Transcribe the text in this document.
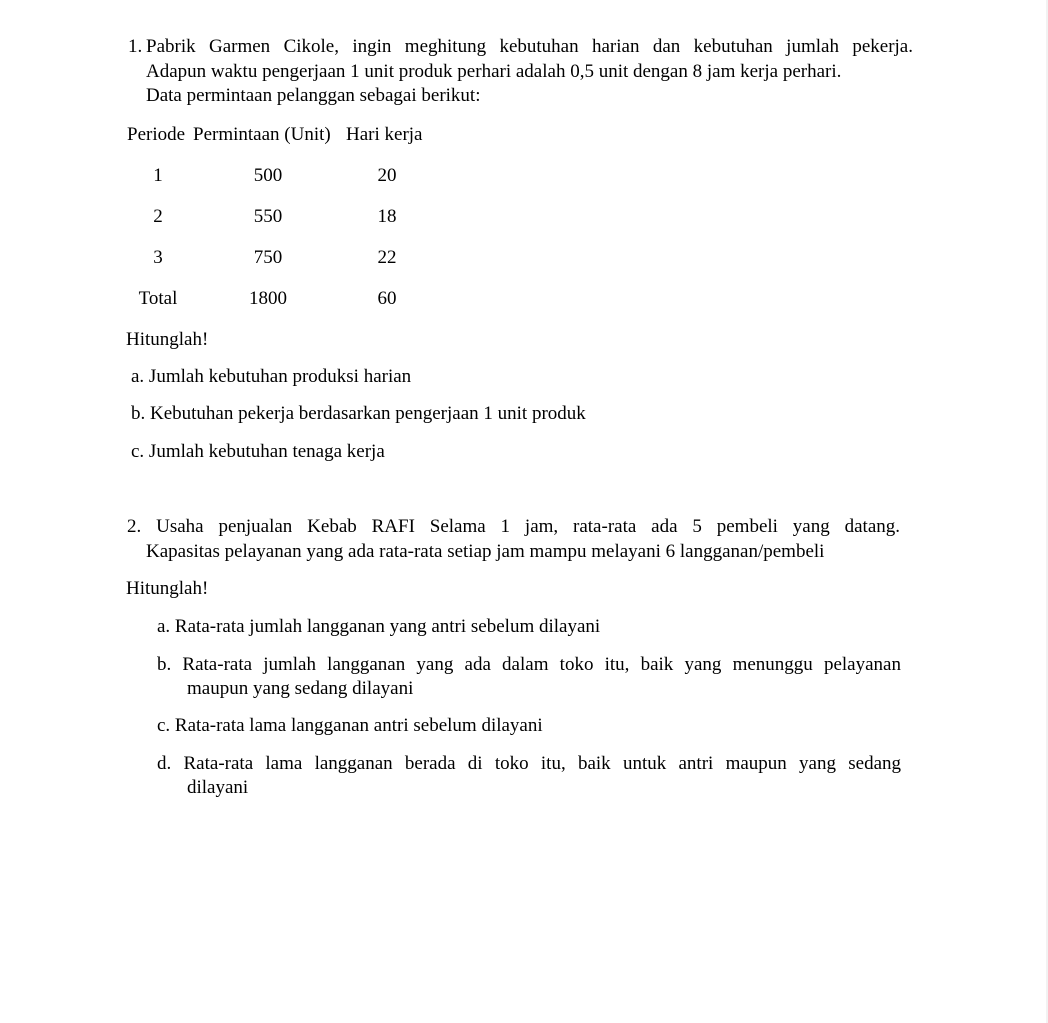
1. Pabrik Garmen Cikole, ingin meghitung kebutuhan harian dan kebutuhan jumlah pekerja.
Adapun waktu pengerjaan 1 unit produk perhari adalah 0,5 unit dengan 8 jam kerja perhari.
Data permintaan pelanggan sebagai berikut:
Periode Permintaan (Unit) Hari kerja
1	500	20
2	550	18
3	750	22
Total	1800	60
Hitunglah!
a. Jumlah kebutuhan produksi harian
b. Kebutuhan pekerja berdasarkan pengerjaan 1 unit produk
c. Jumlah kebutuhan tenaga kerja
2. Usaha penjualan Kebab RAFI Selama 1 jam, rata-rata ada 5 pembeli yang datang.
Kapasitas pelayanan yang ada rata-rata setiap jam mampu melayani 6 langganan/pembeli
Hitunglah!
a. Rata-rata jumlah langganan yang antri sebelum dilayani
b. Rata-rata jumlah langganan yang ada dalam toko itu, baik yang menunggu pelayanan
maupun yang sedang dilayani
c. Rata-rata lama langganan antri sebelum dilayani
d. Rata-rata lama langganan berada di toko itu, baik untuk antri maupun yang sedang
dilayani
